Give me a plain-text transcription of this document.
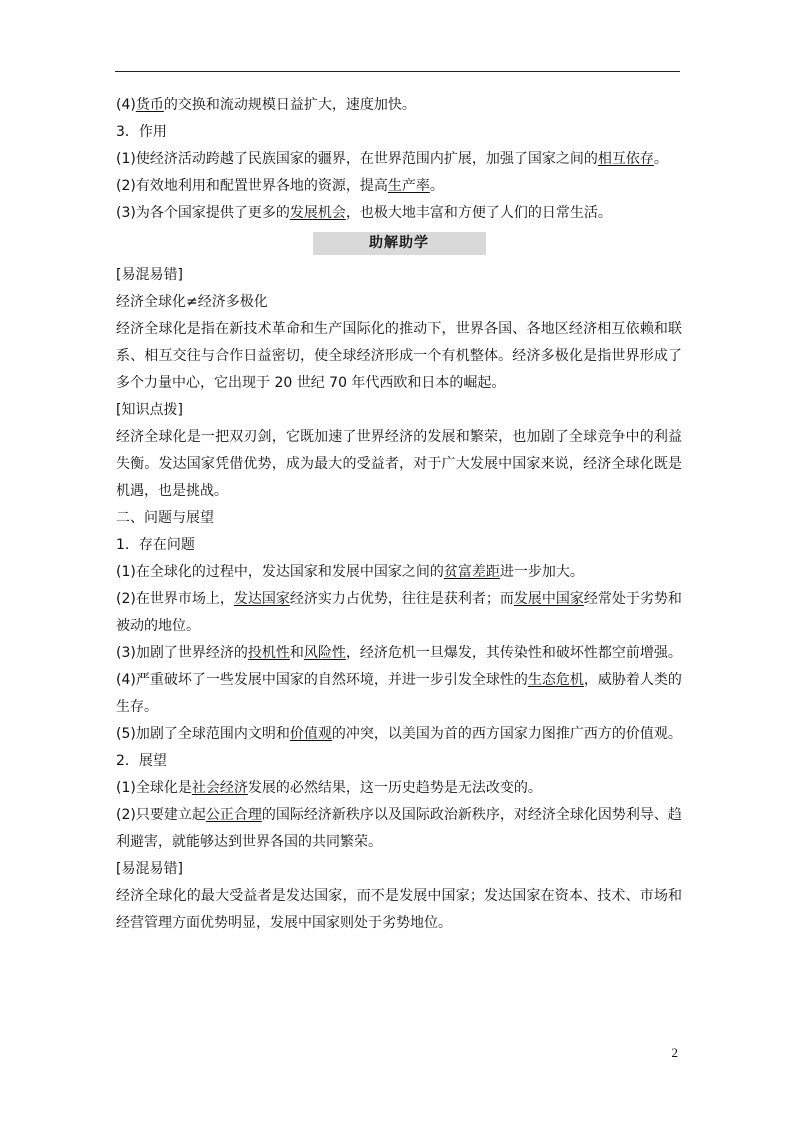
(4)货币的交换和流动规模日益扩大，速度加快。
3．作用
(1)使经济活动跨越了民族国家的疆界，在世界范围内扩展，加强了国家之间的相互依存。
(2)有效地利用和配置世界各地的资源，提高生产率。
(3)为各个国家提供了更多的发展机会，也极大地丰富和方便了人们的日常生活。
助解助学
[易混易错]
经济全球化≠经济多极化
经济全球化是指在新技术革命和生产国际化的推动下，世界各国、各地区经济相互依赖和联
系、相互交往与合作日益密切，使全球经济形成一个有机整体。经济多极化是指世界形成了
多个力量中心，它出现于 20 世纪 70 年代西欧和日本的崛起。
[知识点拨]
经济全球化是一把双刃剑，它既加速了世界经济的发展和繁荣，也加剧了全球竞争中的利益
失衡。发达国家凭借优势，成为最大的受益者，对于广大发展中国家来说，经济全球化既是
机遇，也是挑战。
二、问题与展望
1．存在问题
(1)在全球化的过程中，发达国家和发展中国家之间的贫富差距进一步加大。
(2)在世界市场上，发达国家经济实力占优势，往往是获利者；而发展中国家经常处于劣势和
被动的地位。
(3)加剧了世界经济的投机性和风险性，经济危机一旦爆发，其传染性和破坏性都空前增强。
(4)严重破坏了一些发展中国家的自然环境，并进一步引发全球性的生态危机，威胁着人类的
生存。
(5)加剧了全球范围内文明和价值观的冲突，以美国为首的西方国家力图推广西方的价值观。
2．展望
(1)全球化是社会经济发展的必然结果，这一历史趋势是无法改变的。
(2)只要建立起公正合理的国际经济新秩序以及国际政治新秩序，对经济全球化因势利导、趋
利避害，就能够达到世界各国的共同繁荣。
[易混易错]
经济全球化的最大受益者是发达国家，而不是发展中国家；发达国家在资本、技术、市场和
经营管理方面优势明显，发展中国家则处于劣势地位。
2
